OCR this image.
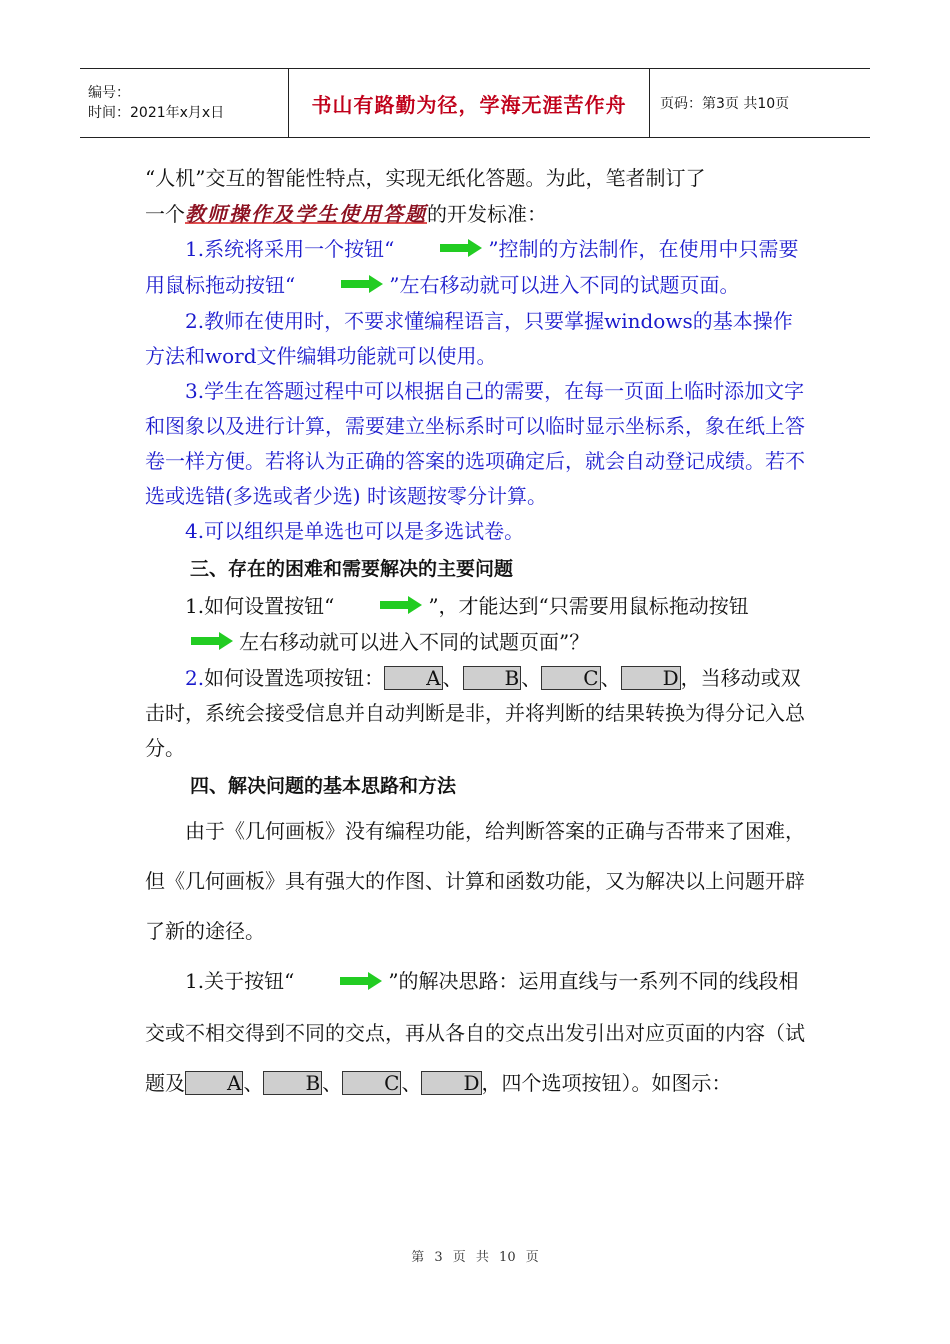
编号：
时间：2021年x月x日	书山有路勤为径，学海无涯苦作舟 页码：第3页 共10页

“人机”交互的智能性特点，实现无纸化答题。为此，笔者制订了

一个教师操作及学生使用答题的开发标准：

1.系统将采用一个按钮“	”控制的方法制作，在使用中只需要用鼠标拖动按钮“	”左右移动就可以进入不同的试题页面。

2.教师在使用时，不要求懂编程语言，只要掌握windows的基本操作方法和word文件编辑功能就可以使用。

3.学生在答题过程中可以根据自己的需要，在每一页面上临时添加文字和图象以及进行计算，需要建立坐标系时可以临时显示坐标系，象在纸上答卷一样方便。若将认为正确的答案的选项确定后，就会自动登记成绩。若不选或选错(多选或者少选) 时该题按零分计算。

4.可以组织是单选也可以是多选试卷。

三、存在的困难和需要解决的主要问题

1.如何设置按钮“	”，才能达到“只需要用鼠标拖动按钮
左右移动就可以进入不同的试题页面”？

2.如何设置选项按钮： A 、 B 、 C 、 D ，当移动或双击时，系统会接受信息并自动判断是非，并将判断的结果转换为得分记入总分。

四、解决问题的基本思路和方法

由于《几何画板》没有编程功能，给判断答案的正确与否带来了困难，但《几何画板》具有强大的作图、计算和函数功能，又为解决以上问题开辟了新的途径。

1.关于按钮“	”的解决思路：运用直线与一系列不同的线段相交或不相交得到不同的交点，再从各自的交点出发引出对应页面的内容（试题及 A 、 B 、 C 、 D ，四个选项按钮）。如图示：

第 3 页 共 10 页
